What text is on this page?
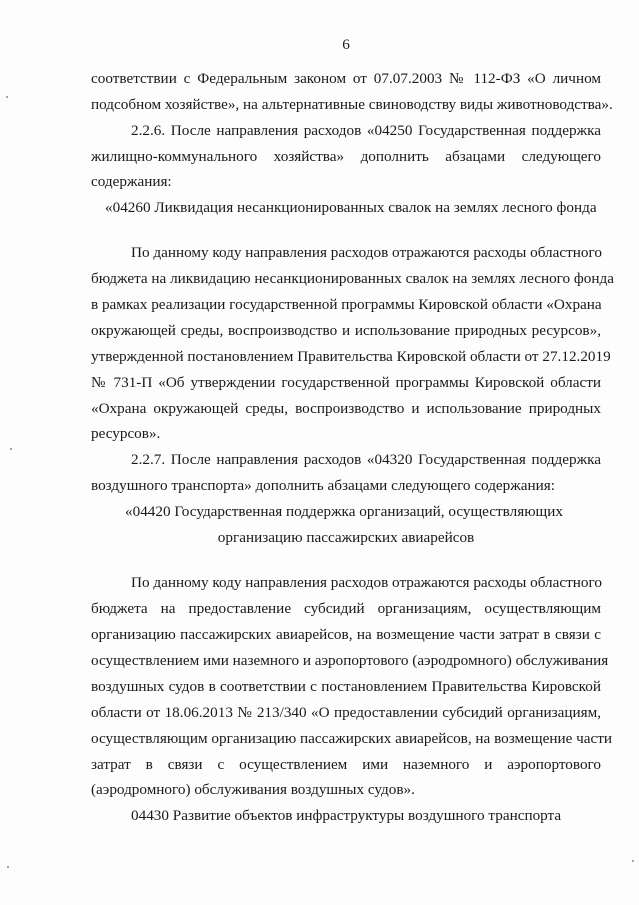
6
соответствии с Федеральным законом от 07.07.2003 № 112-ФЗ «О личном
подсобном хозяйстве», на альтернативные свиноводству виды животноводства».
2.2.6. После направления расходов «04250 Государственная поддержка
жилищно-коммунального хозяйства» дополнить абзацами следующего
содержания:
«04260 Ликвидация несанкционированных свалок на землях лесного фонда
По данному коду направления расходов отражаются расходы областного
бюджета на ликвидацию несанкционированных свалок на землях лесного фонда
в рамках реализации государственной программы Кировской области «Охрана
окружающей среды, воспроизводство и использование природных ресурсов»,
утвержденной постановлением Правительства Кировской области от 27.12.2019
№ 731-П «Об утверждении государственной программы Кировской области
«Охрана окружающей среды, воспроизводство и использование природных
ресурсов».
2.2.7. После направления расходов «04320 Государственная поддержка
воздушного транспорта» дополнить абзацами следующего содержания:
«04420 Государственная поддержка организаций, осуществляющих
организацию пассажирских авиарейсов
По данному коду направления расходов отражаются расходы областного
бюджета на предоставление субсидий организациям, осуществляющим
организацию пассажирских авиарейсов, на возмещение части затрат в связи с
осуществлением ими наземного и аэропортового (аэродромного) обслуживания
воздушных судов в соответствии с постановлением Правительства Кировской
области от 18.06.2013 № 213/340 «О предоставлении субсидий организациям,
осуществляющим организацию пассажирских авиарейсов, на возмещение части
затрат в связи с осуществлением ими наземного и аэропортового
(аэродромного) обслуживания воздушных судов».
04430 Развитие объектов инфраструктуры воздушного транспорта
